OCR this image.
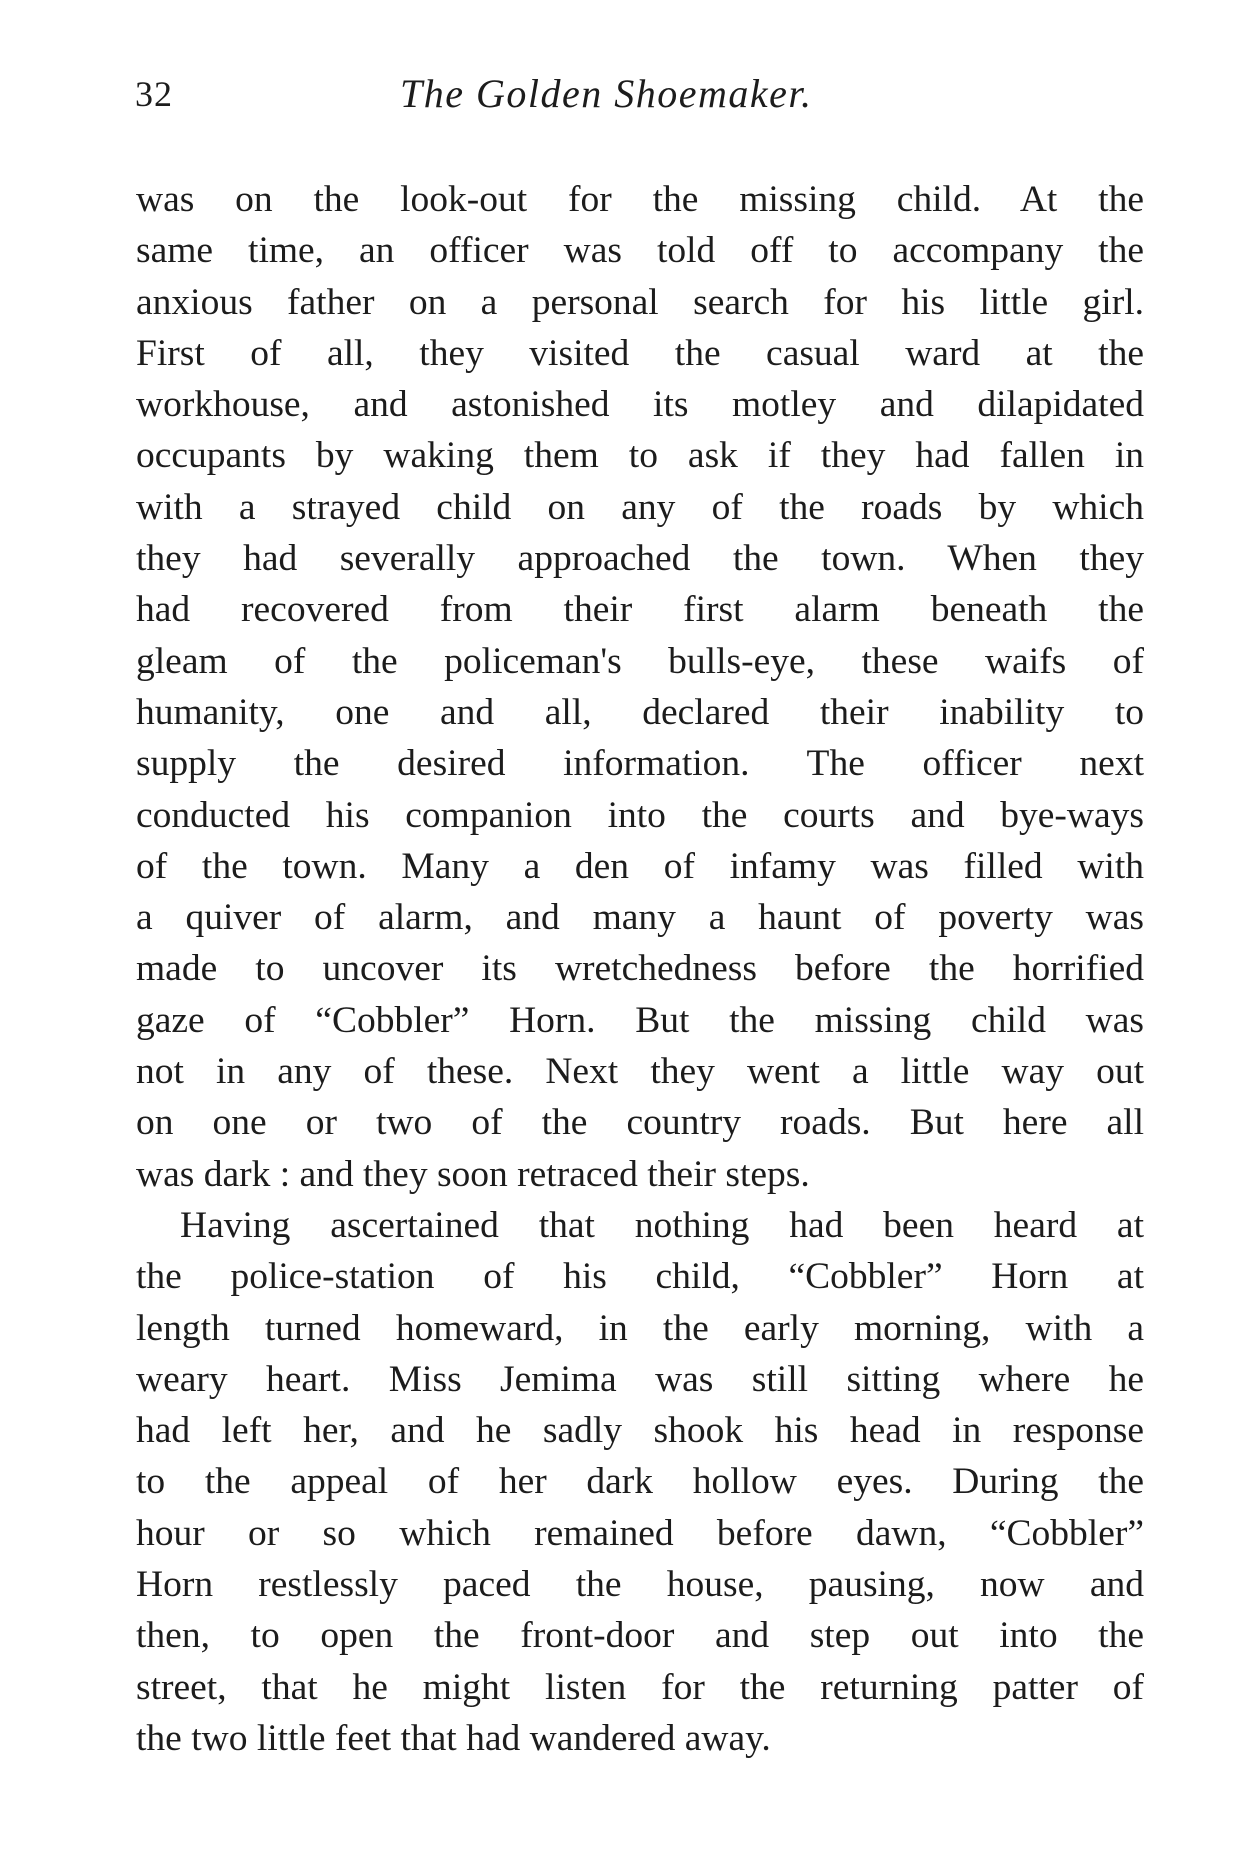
32	The Golden Shoemaker.
was on the look-out for the missing child. At the
same time, an officer was told off to accompany the
anxious father on a personal search for his little girl.
First of all, they visited the casual ward at the
workhouse, and astonished its motley and dilapidated
occupants by waking them to ask if they had fallen in
with a strayed child on any of the roads by which
they had severally approached the town. When they
had recovered from their first alarm beneath the
gleam of the policeman's bulls-eye, these waifs of
humanity, one and all, declared their inability to
supply the desired information. The officer next
conducted his companion into the courts and bye-ways
of the town. Many a den of infamy was filled with
a quiver of alarm, and many a haunt of poverty was
made to uncover its wretchedness before the horrified
gaze of “Cobbler” Horn. But the missing child was
not in any of these. Next they went a little way out
on one or two of the country roads. But here all
was dark : and they soon retraced their steps.
Having ascertained that nothing had been heard at
the police-station of his child, “Cobbler” Horn at
length turned homeward, in the early morning, with a
weary heart. Miss Jemima was still sitting where he
had left her, and he sadly shook his head in response
to the appeal of her dark hollow eyes. During the
hour or so which remained before dawn, “Cobbler”
Horn restlessly paced the house, pausing, now and
then, to open the front-door and step out into the
street, that he might listen for the returning patter of
the two little feet that had wandered away.
